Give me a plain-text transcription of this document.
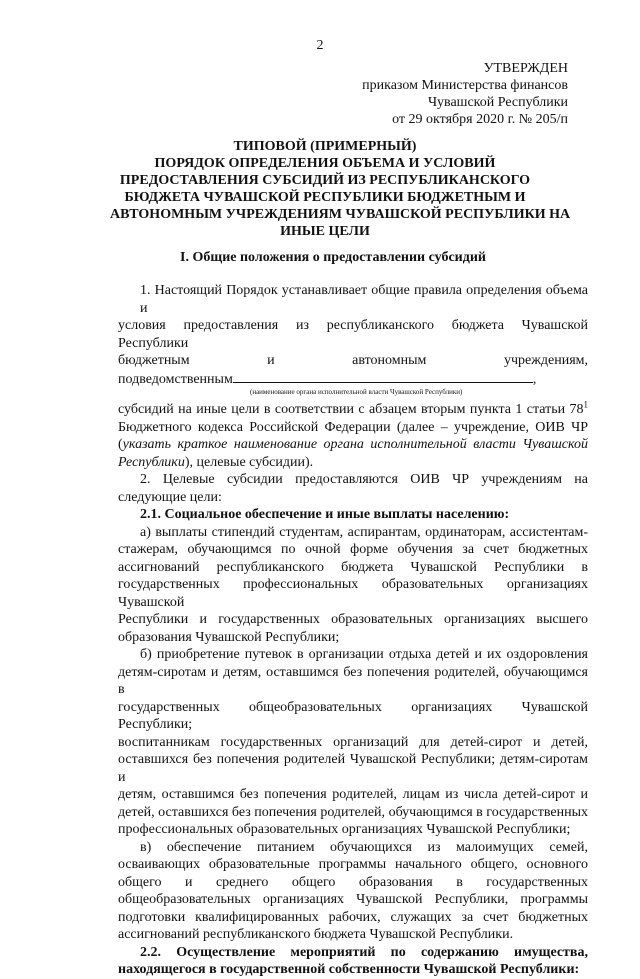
2
УТВЕРЖДЕН
приказом Министерства финансов
Чувашской Республики
от 29 октября 2020 г. № 205/п
ТИПОВОЙ (ПРИМЕРНЫЙ)
ПОРЯДОК ОПРЕДЕЛЕНИЯ ОБЪЕМА И УСЛОВИЙ
ПРЕДОСТАВЛЕНИЯ СУБСИДИЙ ИЗ РЕСПУБЛИКАНСКОГО
БЮДЖЕТА ЧУВАШСКОЙ РЕСПУБЛИКИ БЮДЖЕТНЫМ И
АВТОНОМНЫМ УЧРЕЖДЕНИЯМ ЧУВАШСКОЙ РЕСПУБЛИКИ НА
ИНЫЕ ЦЕЛИ
I. Общие положения о предоставлении субсидий
1. Настоящий Порядок устанавливает общие правила определения объема и
условия предоставления из республиканского бюджета Чувашской Республики
бюджетным и автономным учреждениям,
подведомственным	,
(наименование органа исполнительной власти Чувашской Республики)
субсидий на иные цели в соответствии с абзацем вторым пункта 1 статьи $78^1$
Бюджетного кодекса Российской Федерации (далее – учреждение, ОИВ ЧР
(указать краткое наименование органа исполнительной власти Чувашской
Республики), целевые субсидии).
2. Целевые субсидии предоставляются ОИВ ЧР учреждениям на
следующие цели:
2.1. Социальное обеспечение и иные выплаты населению:
а) выплаты стипендий студентам, аспирантам, ординаторам, ассистентам-
стажерам, обучающимся по очной форме обучения за счет бюджетных
ассигнований республиканского бюджета Чувашской Республики в
государственных профессиональных образовательных организациях Чувашской
Республики и государственных образовательных организациях высшего
образования Чувашской Республики;
б) приобретение путевок в организации отдыха детей и их оздоровления
детям-сиротам и детям, оставшимся без попечения родителей, обучающимся в
государственных общеобразовательных организациях Чувашской Республики;
воспитанникам государственных организаций для детей-сирот и детей,
оставшихся без попечения родителей Чувашской Республики; детям-сиротам и
детям, оставшимся без попечения родителей, лицам из числа детей-сирот и
детей, оставшихся без попечения родителей, обучающимся в государственных
профессиональных образовательных организациях Чувашской Республики;
в) обеспечение питанием обучающихся из малоимущих семей,
осваивающих образовательные программы начального общего, основного
общего и среднего общего образования в государственных
общеобразовательных организациях Чувашской Республики, программы
подготовки квалифицированных рабочих, служащих за счет бюджетных
ассигнований республиканского бюджета Чувашской Республики.
2.2. Осуществление мероприятий по содержанию имущества,
находящегося в государственной собственности Чувашской Республики:
